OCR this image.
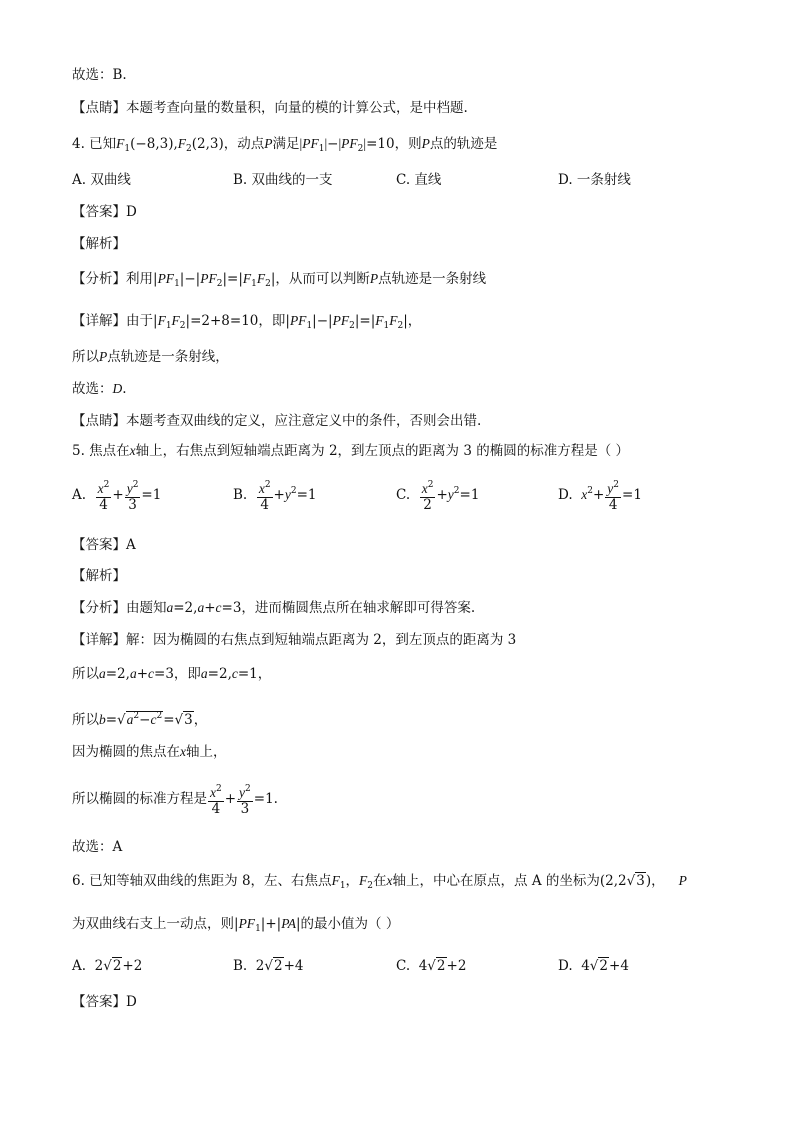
故选：B.
【点睛】本题考查向量的数量积，向量的模的计算公式，是中档题.
4. 已知$F_1(-8,3),F_2(2,3)$，动点P满足$|PF_1|-|PF_2|=10$，则P点的轨迹是
A. 双曲线	B. 双曲线的一支	C. 直线	D. 一条射线
【答案】D
【解析】
【分析】利用$|PF_1|-|PF_2|=|F_1F_2|$，从而可以判断P点轨迹是一条射线
【详解】由于$|F_1F_2|=2+8=10$，即$|PF_1|-|PF_2|=|F_1F_2|$，
所以P点轨迹是一条射线，
故选：D.
【点睛】本题考查双曲线的定义，应注意定义中的条件，否则会出错.
5. 焦点在x轴上，右焦点到短轴端点距离为 2，到左顶点的距离为 3 的椭圆的标准方程是（ ）
A. $\frac{x^2}{4} + \frac{y^2}{3} =1$	B. $\frac{x^2}{4} +y^2=1$	C. $\frac{x^2}{2} +y^2=1$	D. $x^2+ \frac{y^2}{4} =1$
【答案】A
【解析】
【分析】由题知a=2,a+c=3，进而椭圆焦点所在轴求解即可得答案.
【详解】解：因为椭圆的右焦点到短轴端点距离为 2，到左顶点的距离为 3
所以a=2,a+c=3，即a=2,c=1，
所以$b=√a^2-c^2=√3$，
因为椭圆的焦点在x轴上，
所以椭圆的标准方程是 $\frac{x^2}{4} + \frac{y^2}{3} =1$.
故选：A
6. 已知等轴双曲线的焦距为 8，左、右焦点$F_1$，$F_2$在x轴上，中心在原点，点 A 的坐标为(2,2√3)， P
为双曲线右支上一动点，则$|PF_1|+|PA|$的最小值为（ ）
A.  2√2+2	B.  2√2+4	C.  4√2+2	D.  4√2+4
【答案】D
